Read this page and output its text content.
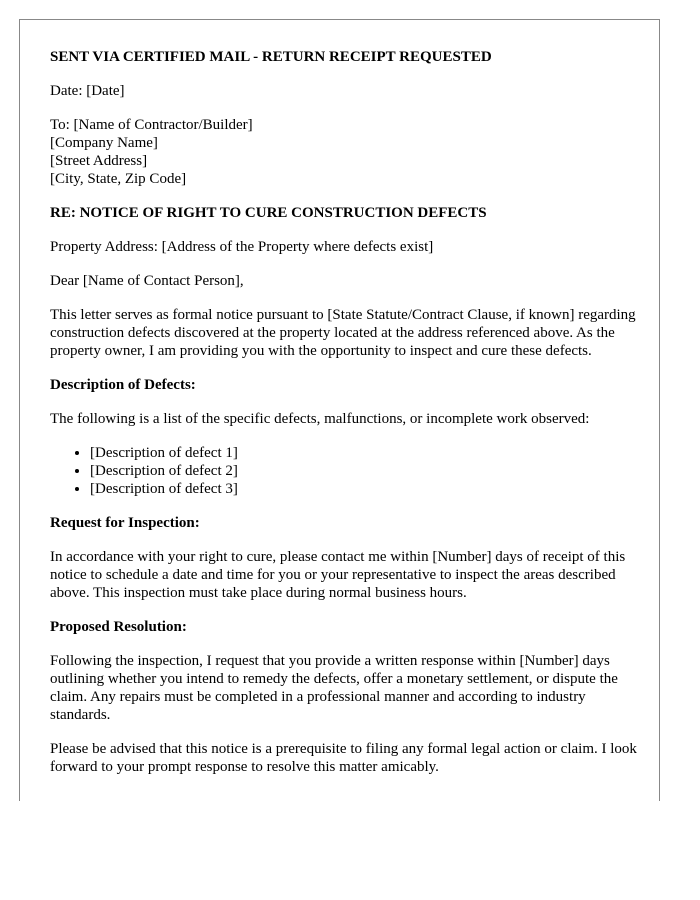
SENT VIA CERTIFIED MAIL - RETURN RECEIPT REQUESTED

Date: [Date]

To: [Name of Contractor/Builder]
[Company Name]
[Street Address]
[City, State, Zip Code]

RE: NOTICE OF RIGHT TO CURE CONSTRUCTION DEFECTS

Property Address: [Address of the Property where defects exist]

Dear [Name of Contact Person],

This letter serves as formal notice pursuant to [State Statute/Contract Clause, if known] regarding construction defects discovered at the property located at the address referenced above. As the property owner, I am providing you with the opportunity to inspect and cure these defects.

Description of Defects:

The following is a list of the specific defects, malfunctions, or incomplete work observed:

• [Description of defect 1]
• [Description of defect 2]
• [Description of defect 3]

Request for Inspection:

In accordance with your right to cure, please contact me within [Number] days of receipt of this notice to schedule a date and time for you or your representative to inspect the areas described above. This inspection must take place during normal business hours.

Proposed Resolution:

Following the inspection, I request that you provide a written response within [Number] days outlining whether you intend to remedy the defects, offer a monetary settlement, or dispute the claim. Any repairs must be completed in a professional manner and according to industry standards.

Please be advised that this notice is a prerequisite to filing any formal legal action or claim. I look forward to your prompt response to resolve this matter amicably.
